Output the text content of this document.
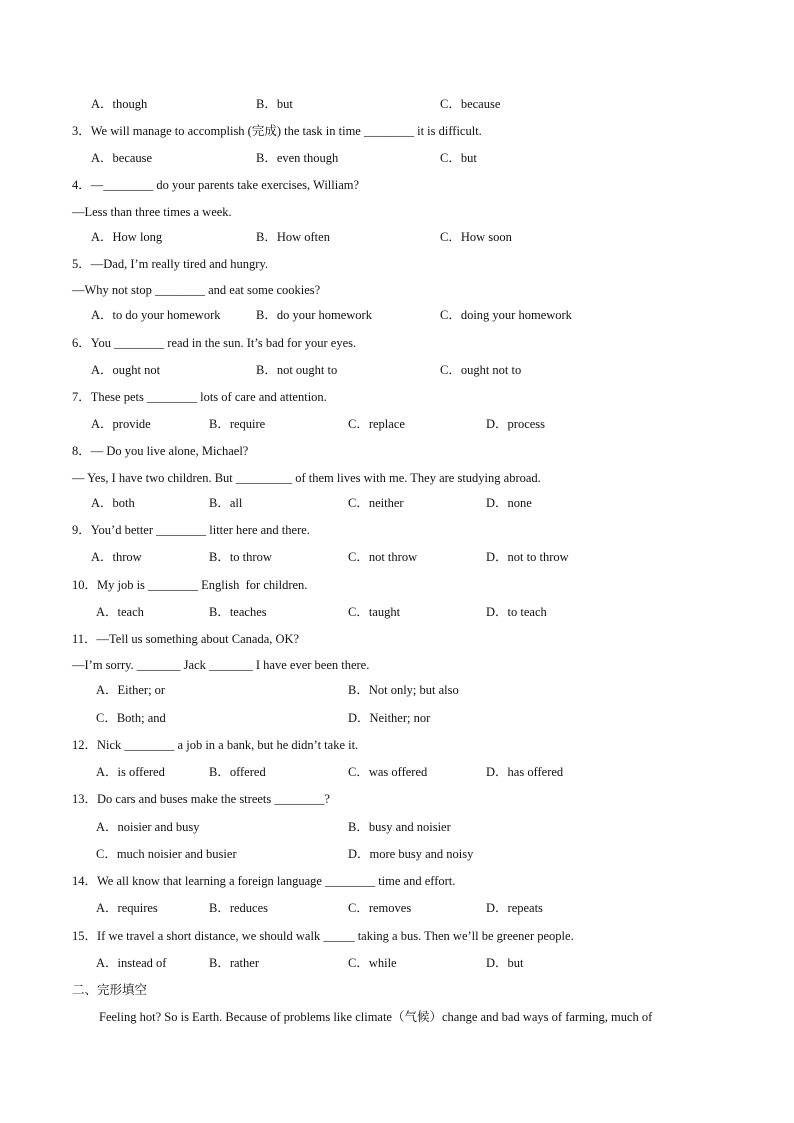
A．though	B．but	C．because
3．We will manage to accomplish (完成) the task in time ________ it is difficult.
A．because	B．even though	C．but
4．—________ do your parents take exercises, William?
—Less than three times a week.
A．How long	B．How often	C．How soon
5．—Dad, I’m really tired and hungry.
—Why not stop ________ and eat some cookies?
A．to do your homework	B．do your homework	C．doing your homework
6．You ________ read in the sun. It’s bad for your eyes.
A．ought not	B．not ought to	C．ought not to
7．These pets ________ lots of care and attention.
A．provide	B．require	C．replace	D．process
8．— Do you live alone, Michael?
— Yes, I have two children. But _________ of them lives with me. They are studying abroad.
A．both	B．all	C．neither	D．none
9．You’d better ________ litter here and there.
A．throw	B．to throw	C．not throw	D．not to throw
10．My job is ________ English  for children.
A．teach	B．teaches	C．taught	D．to teach
11．—Tell us something about Canada, OK?
—I’m sorry. _______ Jack _______ I have ever been there.
A．Either; or	B．Not only; but also
C．Both; and	D．Neither; nor
12．Nick ________ a job in a bank, but he didn’t take it.
A．is offered	B．offered	C．was offered	D．has offered
13．Do cars and buses make the streets ________?
A．noisier and busy	B．busy and noisier
C．much noisier and busier	D．more busy and noisy
14．We all know that learning a foreign language ________ time and effort.
A．requires	B．reduces	C．removes	D．repeats
15．If we travel a short distance, we should walk _____ taking a bus. Then we’ll be greener people.
A．instead of	B．rather	C．while	D．but
二、完形填空
Feeling hot? So is Earth. Because of problems like climate（气候）change and bad ways of farming, much of
